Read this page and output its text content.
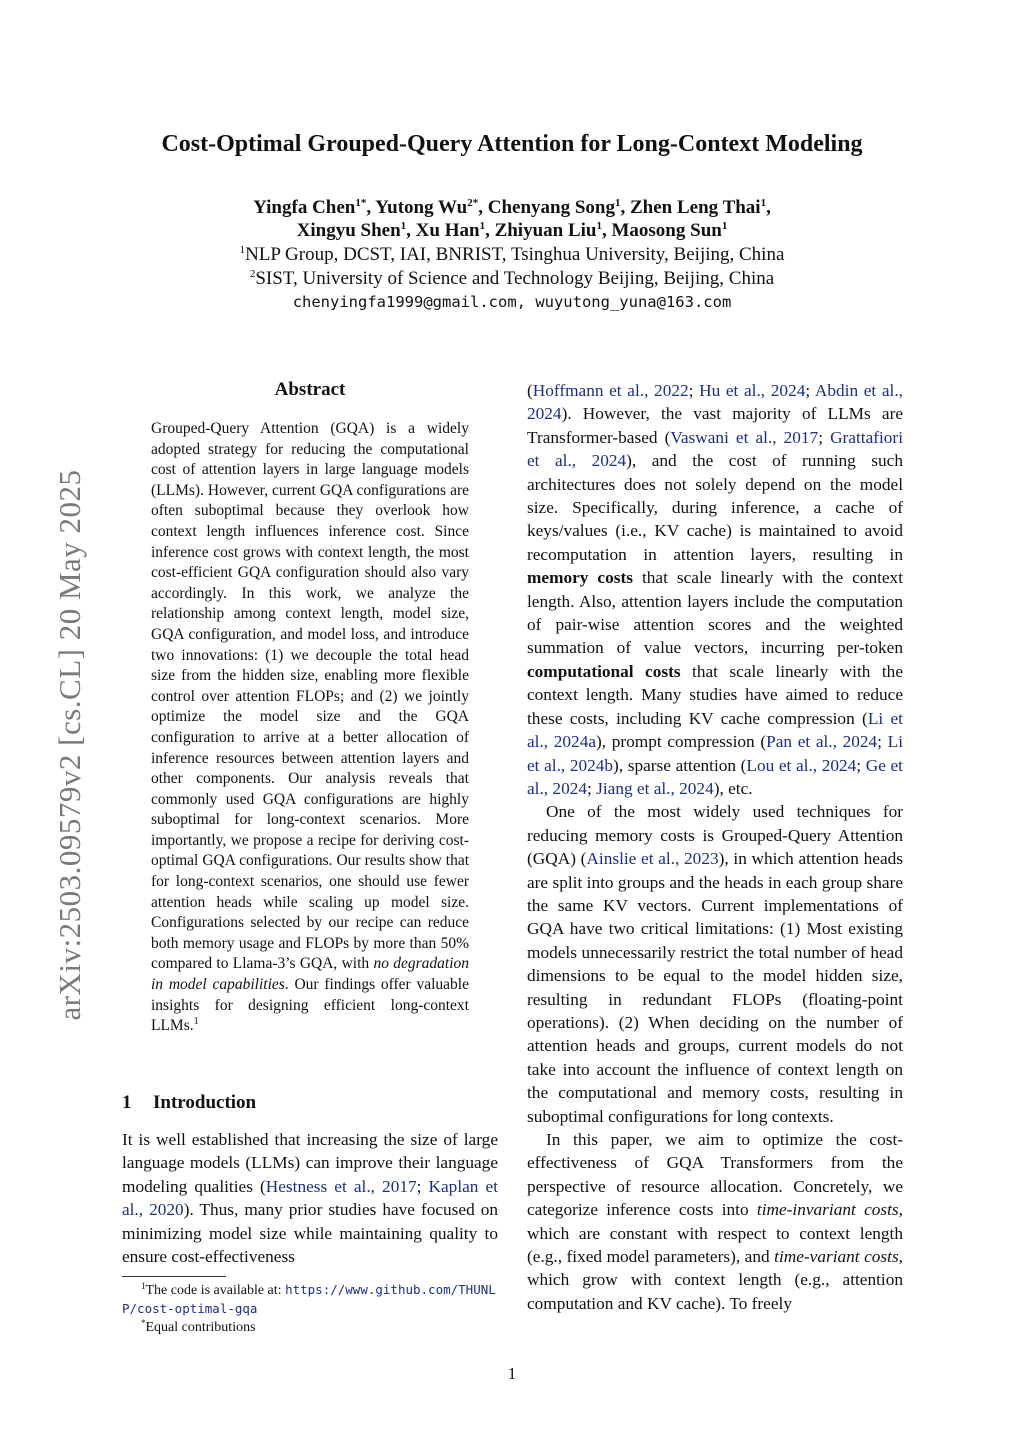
arXiv:2503.09579v2 [cs.CL] 20 May 2025
Cost-Optimal Grouped-Query Attention for Long-Context Modeling
Yingfa Chen$^{1*}$, Yutong $Wu^{2*}$, Chenyang Song$^1$, Zhen Leng Thai$^1$,
Xingyu Shen$^1$, Xu Han$^1$, Zhiyuan Liu$^1$, Maosong Sun$^1$
$^1$NLP Group, DCST, IAI, BNRIST, Tsinghua University, Beijing, China
$^2$SIST, University of Science and Technology Beijing, Beijing, China
chenyingfa1999@gmail.com, wuyutong_yuna@163.com
Abstract

Grouped-Query Attention (GQA) is a widely adopted strategy for reducing the computational cost of attention layers in large language models (LLMs). However, current GQA configurations are often suboptimal because they overlook how context length influences inference cost. Since inference cost grows with context length, the most cost-efficient GQA configuration should also vary accordingly. In this work, we analyze the relationship among context length, model size, GQA configuration, and model loss, and introduce two innovations: (1) we decouple the total head size from the hidden size, enabling more flexible control over attention FLOPs; and (2) we jointly optimize the model size and the GQA configuration to arrive at a better allocation of inference resources between attention layers and other components. Our analysis reveals that commonly used GQA configurations are highly suboptimal for long-context scenarios. More importantly, we propose a recipe for deriving cost-optimal GQA configurations. Our results show that for long-context scenarios, one should use fewer attention heads while scaling up model size. Configurations selected by our recipe can reduce both memory usage and FLOPs by more than 50% compared to Llama-3’s GQA, with no degradation in model capabilities. Our findings offer valuable insights for designing efficient long-context LLMs.$^1$

1 Introduction

It is well established that increasing the size of large language models (LLMs) can improve their language modeling qualities (Hestness et al., 2017; Kaplan et al., 2020). Thus, many prior studies have focused on minimizing model size while maintaining quality to ensure cost-effectiveness

$^1$The code is available at: https://www.github.com/THUNLP/cost-optimal-gqa

*Equal contributions

(Hoffmann et al., 2022; Hu et al., 2024; Abdin et al., 2024). However, the vast majority of LLMs are Transformer-based (Vaswani et al., 2017; Grattafiori et al., 2024), and the cost of running such architectures does not solely depend on the model size. Specifically, during inference, a cache of keys/values (i.e., KV cache) is maintained to avoid recomputation in attention layers, resulting in memory costs that scale linearly with the context length. Also, attention layers include the computation of pair-wise attention scores and the weighted summation of value vectors, incurring per-token computational costs that scale linearly with the context length. Many studies have aimed to reduce these costs, including KV cache compression (Li et al., 2024a), prompt compression (Pan et al., 2024; Li et al., 2024b), sparse attention (Lou et al., 2024; Ge et al., 2024; Jiang et al., 2024), etc.

One of the most widely used techniques for reducing memory costs is Grouped-Query Attention (GQA) (Ainslie et al., 2023), in which attention heads are split into groups and the heads in each group share the same KV vectors. Current implementations of GQA have two critical limitations: (1) Most existing models unnecessarily restrict the total number of head dimensions to be equal to the model hidden size, resulting in redundant FLOPs (floating-point operations). (2) When deciding on the number of attention heads and groups, current models do not take into account the influence of context length on the computational and memory costs, resulting in suboptimal configurations for long contexts.

In this paper, we aim to optimize the cost-effectiveness of GQA Transformers from the perspective of resource allocation. Concretely, we categorize inference costs into time-invariant costs, which are constant with respect to context length (e.g., fixed model parameters), and time-variant costs, which grow with context length (e.g., attention computation and KV cache). To freely

1
